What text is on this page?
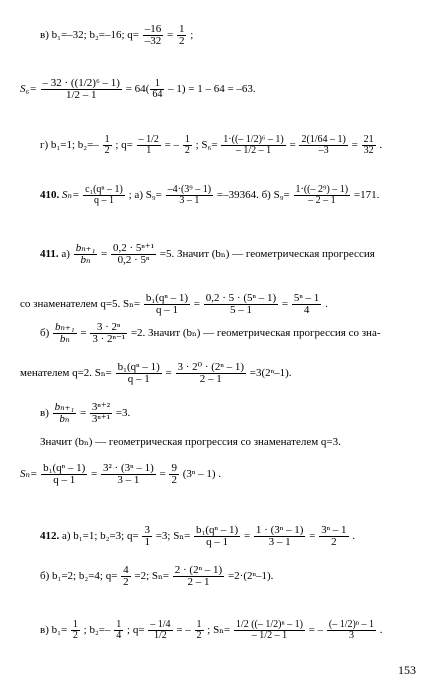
в) b₁=–32; b₂=–16; $q= \frac{-16}{-32} = \frac{1}{2}$ ;
$S_6= \frac{\text{– 32 · ((1/2)⁶ – 1)}}{1/2 - 1} = 64( \frac{1}{64} - 1) = 1 - 64 = -63$.
г) b₁=1; $b_2=- \frac{1}{2}$ ; $q= \frac{- 1/2}{1}$ = – $\frac{1}{2}$ ; $S_6= \frac{\text{1·((– 1/2)⁶ – 1)}}{- 1/2 - 1} = \frac{2(1/64 - 1)}{-3} = \frac{21}{32}$ .
410. $S_n= \frac{\text{c₁(qⁿ – 1)}}{q - 1}$ ; а) $S_9= \frac{\text{–4·(3⁹ – 1)}}{3 - 1} =-39364$. б) $S_9= \frac{\text{1·((– 2⁹) – 1)}}{- 2 - 1} =171$.
411. $а) \frac{\text{bₙ₊₁}}{\text{bₙ}} = \frac{\text{0,2 · 5ⁿ⁺¹}}{\text{0,2 · 5ⁿ}} =5$. Значит (bₙ) — геометрическая прогрессия
со знаменателем q=5. $S_n= \frac{\text{b₁(qⁿ – 1)}}{q - 1} = \frac{\text{0,2 · 5 · (5ⁿ – 1)}}{5 - 1} = \frac{\text{5ⁿ – 1}}{4}$ .
$б) \frac{\text{bₙ₊₁}}{\text{bₙ}} = \frac{\text{3 · 2ⁿ}}{\text{3 · 2ⁿ⁻¹}} =2$. Значит (bₙ) — геометрическая прогрессия со зна-
менателем q=2. $S_n= \frac{\text{b₁(qⁿ – 1)}}{q - 1} = \frac{\text{3 · 2⁰ · (2ⁿ – 1)}}{2 - 1} =3(2^n-1)$.
$в) \frac{\text{bₙ₊₁}}{\text{bₙ}} = \frac{\text{3ⁿ⁺²}}{\text{3ⁿ⁺¹}} =3$.
Значит (bₙ) — геометрическая прогрессия со знаменателем q=3.
$S_n= \frac{\text{b₁(qⁿ – 1)}}{q - 1} = \frac{\text{3² · (3ⁿ – 1)}}{3 - 1} = \frac{9}{2} (3^n - 1)$ .
412. а) b₁=1; b₂=3; $q= \frac{3}{1} =3$; $S_n= \frac{\text{b₁(qⁿ – 1)}}{q - 1} = \frac{\text{1 · (3ⁿ – 1)}}{3 - 1} = \frac{\text{3ⁿ – 1}}{2}$ .
б) b₁=2; b₂=4; $q= \frac{4}{2} =2$; $S_n= \frac{\text{2 · (2ⁿ – 1)}}{2 - 1} =2\cdot(2^n-1)$.
в) $b_1= \frac{1}{2}$ ; $b_2=- \frac{1}{4}$ ; $q= \frac{- 1/4}{1/2}$ = – $\frac{1}{2}$ ; $S_n= \frac{\text{1/2 ((– 1/2)ⁿ – 1)}}{- 1/2 - 1}$ = – $\frac{\text{(– 1/2)ⁿ – 1}}{3}$ .
153
